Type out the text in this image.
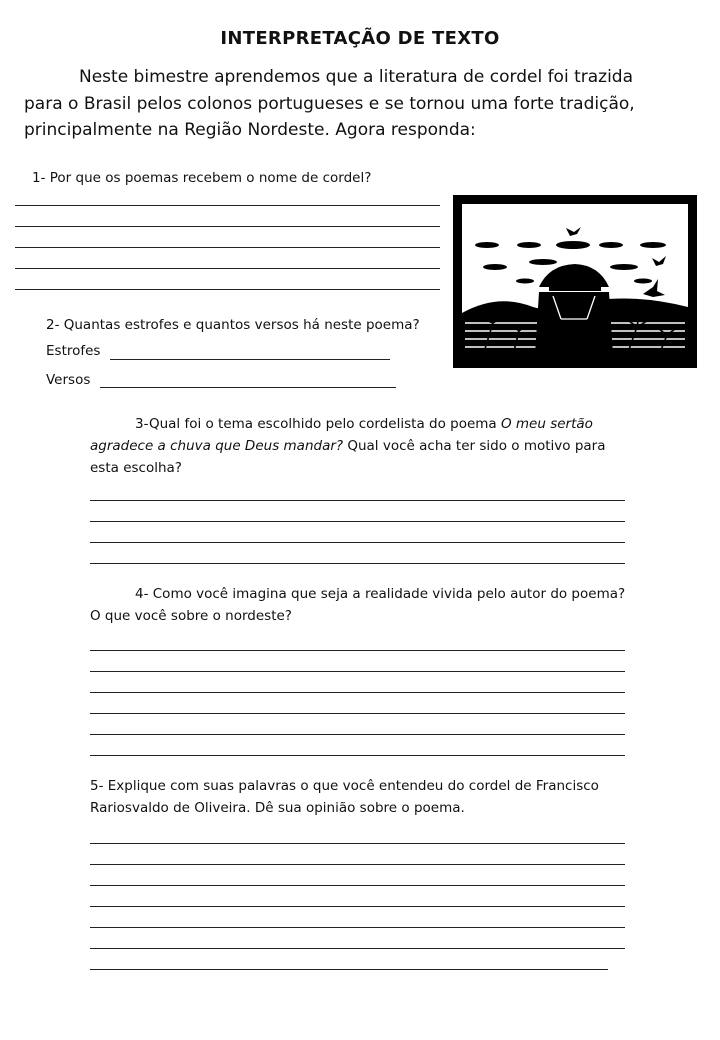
INTERPRETAÇÃO DE TEXTO
Neste bimestre aprendemos que a literatura de cordel foi trazida
para o Brasil pelos colonos portugueses e se tornou uma forte tradição,
principalmente na Região Nordeste. Agora responda:
1- Por que os poemas recebem o nome de cordel?
2- Quantas estrofes e quantos versos há neste poema?
Estrofes
Versos
3-Qual foi o tema escolhido pelo cordelista do poema O meu sertão
agradece a chuva que Deus mandar? Qual você acha ter sido o motivo para
esta escolha?
4- Como você imagina que seja a realidade vivida pelo autor do poema?
O que você sobre o nordeste?
5- Explique com suas palavras o que você entendeu do cordel de Francisco
Rariosvaldo de Oliveira. Dê sua opinião sobre o poema.
